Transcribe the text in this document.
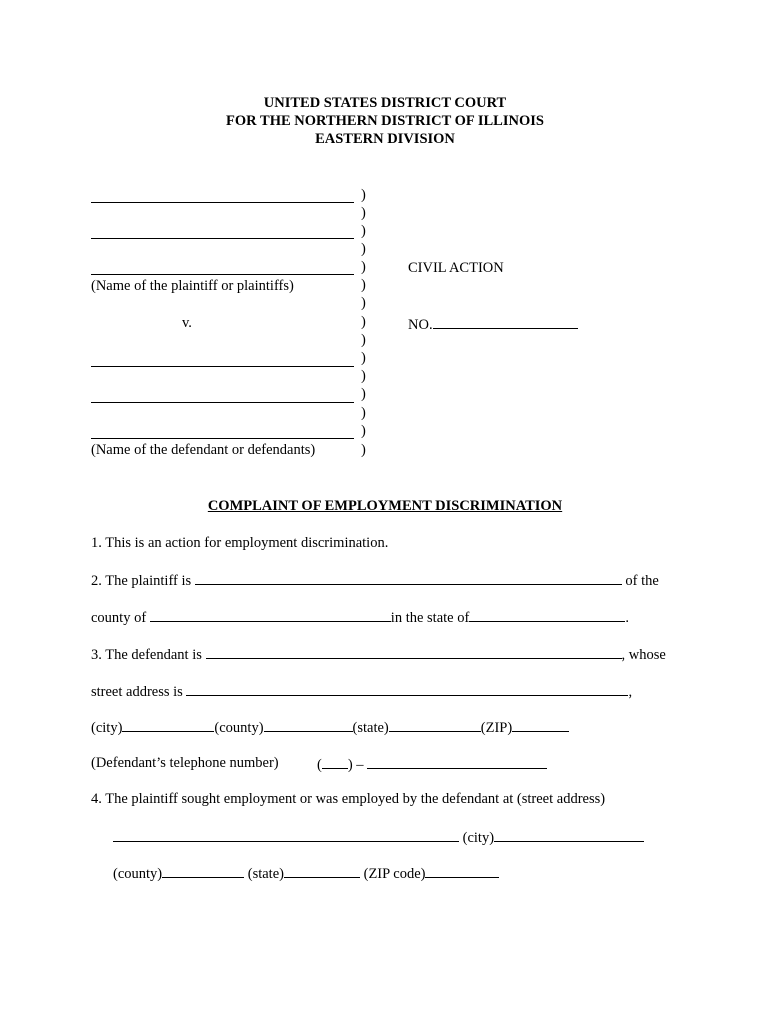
UNITED STATES DISTRICT COURT
FOR THE NORTHERN DISTRICT OF ILLINOIS
EASTERN DIVISION
(Name of the plaintiff or plaintiffs)
v.
(Name of the defendant or defendants)
)
)
)
)
)
)
)
)
)
)
)
)
)
)
)
CIVIL ACTION
NO.
COMPLAINT OF EMPLOYMENT DISCRIMINATION
1. This is an action for employment discrimination.
2. The plaintiff is	of the
county of	in the state of	.
3. The defendant is	, whose
street address is	,
(city)	(county)	(state)	(ZIP)
(Defendant’s telephone number)	( ) –
4. The plaintiff sought employment or was employed by the defendant at (street address)
(city)
(county)	(state)	(ZIP code)
